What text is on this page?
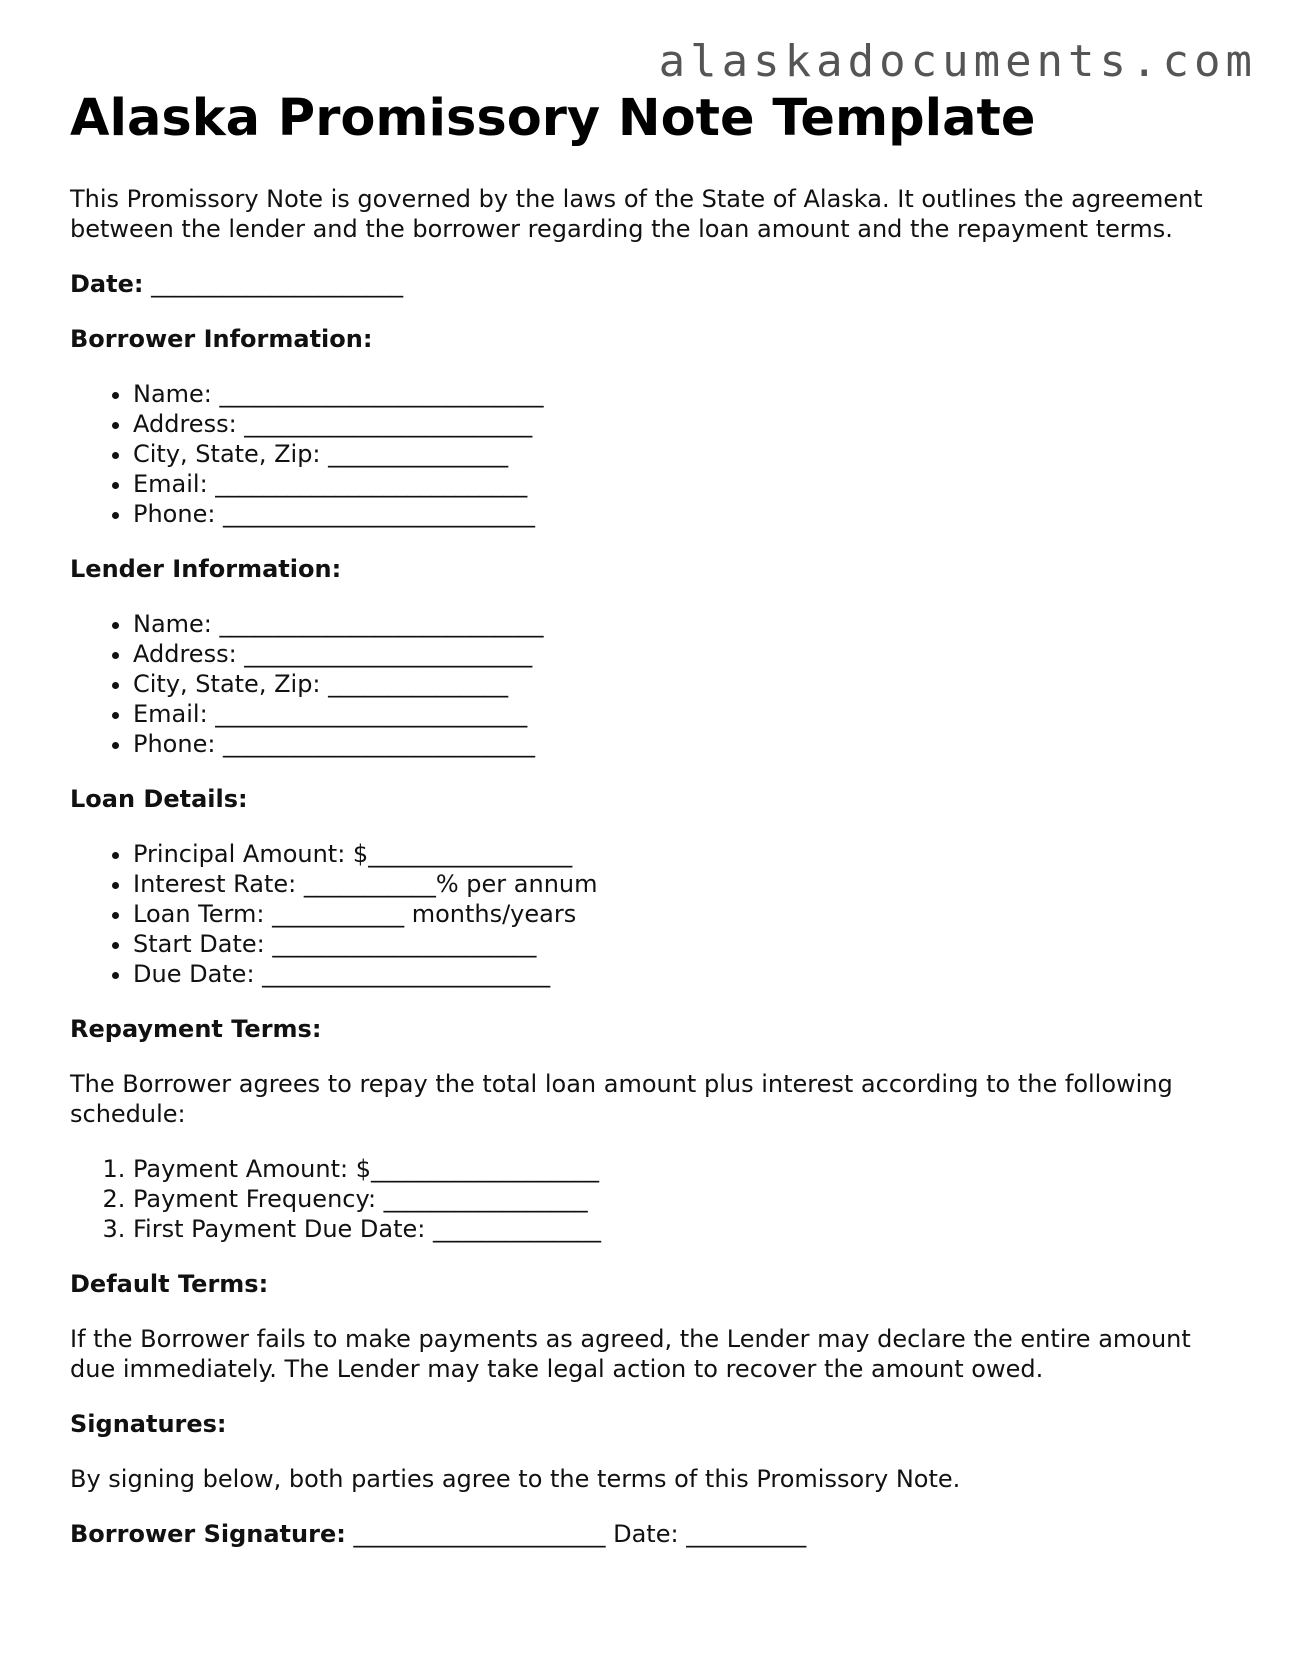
alaskadocuments.com
Alaska Promissory Note Template

This Promissory Note is governed by the laws of the State of Alaska. It outlines the agreement between the lender and the borrower regarding the loan amount and the repayment terms.

Date: _____________________

Borrower Information:

• Name: ___________________________
• Address: ________________________
• City, State, Zip: _______________
• Email: __________________________
• Phone: __________________________

Lender Information:

• Name: ___________________________
• Address: ________________________
• City, State, Zip: _______________
• Email: __________________________
• Phone: __________________________

Loan Details:

• Principal Amount: $_________________
• Interest Rate: ___________% per annum
• Loan Term: ___________ months/years
• Start Date: ______________________
• Due Date: ________________________

Repayment Terms:

The Borrower agrees to repay the total loan amount plus interest according to the following schedule:

1. Payment Amount: $___________________
2. Payment Frequency: _________________
3. First Payment Due Date: ______________

Default Terms:

If the Borrower fails to make payments as agreed, the Lender may declare the entire amount due immediately. The Lender may take legal action to recover the amount owed.

Signatures:

By signing below, both parties agree to the terms of this Promissory Note.

Borrower Signature: _____________________ Date: __________
